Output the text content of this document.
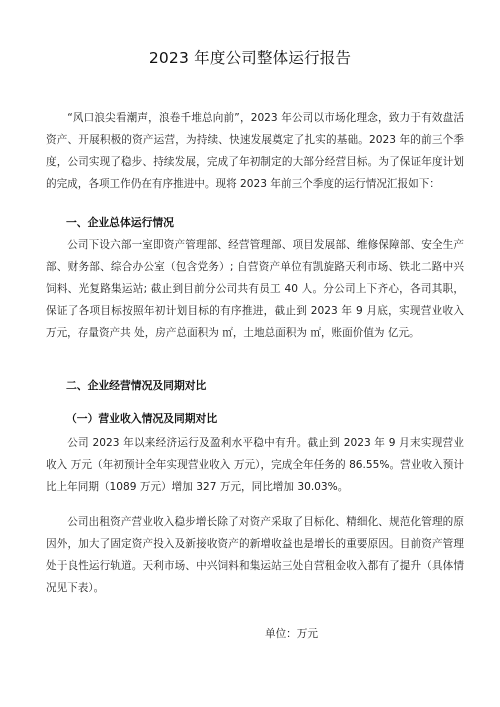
2023 年度公司整体运行报告

“风口浪尖看潮声，浪卷千堆总向前”，2023 年公司以市场化理念，致力于有效盘活资产、开展积极的资产运营，为持续、快速发展奠定了扎实的基础。2023 年的前三个季度，公司实现了稳步、持续发展，完成了年初制定的大部分经营目标。为了保证年度计划的完成，各项工作仍在有序推进中。现将 2023 年前三个季度的运行情况汇报如下：

一、企业总体运行情况

公司下设六部一室即资产管理部、经营管理部、项目发展部、维修保障部、安全生产部、财务部、综合办公室（包含党务）; 自营资产单位有凯旋路天利市场、铁北二路中兴饲料、光复路集运站; 截止到目前分公司共有员工 40 人。分公司上下齐心，各司其职，保证了各项目标按照年初计划目标的有序推进，截止到 2023 年 9 月底，实现营业收入 万元，存量资产共 处，房产总面积为 ㎡，土地总面积为 ㎡，账面价值为 亿元。

二、企业经营情况及同期对比
（一）营业收入情况及同期对比

公司 2023 年以来经济运行及盈利水平稳中有升。截止到 2023 年 9 月末实现营业收入 万元（年初预计全年实现营业收入 万元），完成全年任务的 86.55%。营业收入预计比上年同期（1089 万元）增加 327 万元，同比增加 30.03%。

公司出租资产营业收入稳步增长除了对资产采取了目标化、精细化、规范化管理的原因外，加大了固定资产投入及新接收资产的新增收益也是增长的重要原因。目前资产管理处于良性运行轨道。天利市场、中兴饲料和集运站三处自营租金收入都有了提升（具体情况见下表）。

单位：万元
